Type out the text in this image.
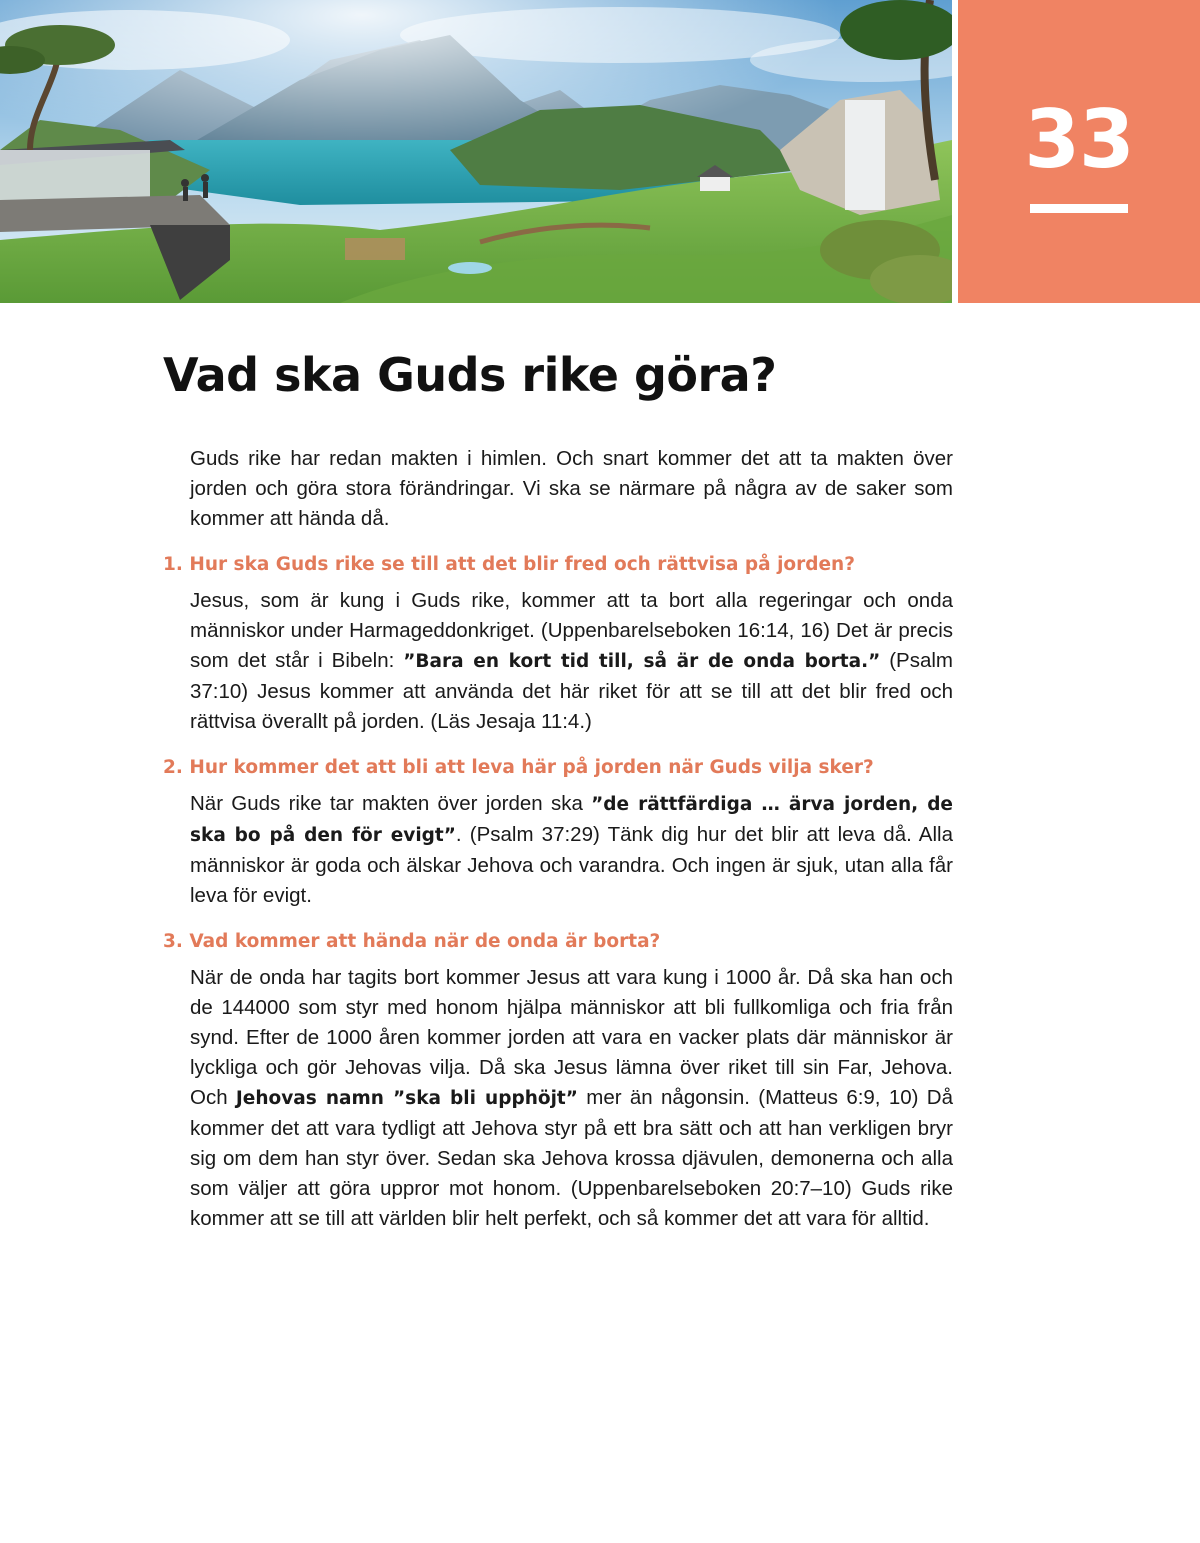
33
Vad ska Guds rike göra?

Guds rike har redan makten i himlen. Och snart kommer det att ta makten över jorden och göra stora förändringar. Vi ska se närmare på några av de saker som kommer att hända då.

1. Hur ska Guds rike se till att det blir fred och rättvisa på jorden?

Jesus, som är kung i Guds rike, kommer att ta bort alla regeringar och onda människor under Harmageddonkriget. (Uppenbarelseboken 16:14, 16) Det är precis som det står i Bibeln: ”Bara en kort tid till, så är de onda borta.” (Psalm 37:10) Jesus kommer att använda det här riket för att se till att det blir fred och rättvisa överallt på jorden. (Läs Jesaja 11:4.)

2. Hur kommer det att bli att leva här på jorden när Guds vilja sker?

När Guds rike tar makten över jorden ska ”de rättfärdiga … ärva jorden, de ska bo på den för evigt”. (Psalm 37:29) Tänk dig hur det blir att leva då. Alla människor är goda och älskar Jehova och varandra. Och ingen är sjuk, utan alla får leva för evigt.

3. Vad kommer att hända när de onda är borta?

När de onda har tagits bort kommer Jesus att vara kung i 1000 år. Då ska han och de 144000 som styr med honom hjälpa människor att bli fullkomliga och fria från synd. Efter de 1000 åren kommer jorden att vara en vacker plats där människor är lyckliga och gör Jehovas vilja. Då ska Jesus lämna över riket till sin Far, Jehova. Och Jehovas namn ”ska bli upphöjt” mer än någonsin. (Matteus 6:9, 10) Då kommer det att vara tydligt att Jehova styr på ett bra sätt och att han verkligen bryr sig om dem han styr över. Sedan ska Jehova krossa djävulen, demonerna och alla som väljer att göra uppror mot honom. (Uppenbarelseboken 20:7–10) Guds rike kommer att se till att världen blir helt perfekt, och så kommer det att vara för alltid.
